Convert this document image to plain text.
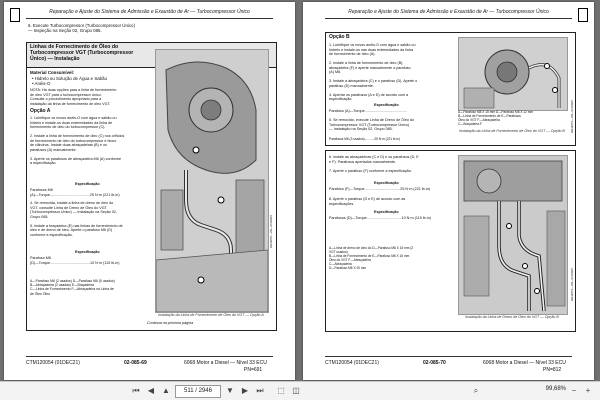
Reparação e Ajuste do Sistema de Admissão e Exaustão de Ar — Turbocompressor Único
6. Execute Turbocompressor (Turbocompressor Único)
— Inspeção na Seção 02, Grupo 085.
Linhas de Fornecimento de Óleo do
Turbocompressor VGT (Turbocompressor
Único) — Instalação
Material Consumível:
• Hidrelo ou Solução de Água e Sabão
• Anéis-O
NOTA: Há duas opções para a linha de fornecimento
de óleo VGT para o turbocompressor único.
Consulte o procedimento apropriado para a
instalação da linha de fornecimento de óleo VGT.
Opção A
1. Lubrifique os novos anéis-O com água e sabão ou
hidrelo e instale-os duas extremidades da linha de
fornecimento de óleo do turbocompressor (C).

2. Instale a linha de fornecimento de óleo (C) nos orifícios
de fornecimento de óleo do turbocompressor e bloco
de cilindros. Instale duas abraçadeiras (B) e os
parafusos (A) manualmente.

3. Aperte os parafusos de abraçadeira M6 (A) conforme
a especificação.
Especificação
Parafusos M6
(A)—Torque.......................................25 N·m (221 lb-in)
4. Se removida, instale a linha de dreno de óleo do
VGT, consulte Linha de Dreno de Óleo do VGT
(Turbocompressor Único) — Instalação na Seção 02,
Grupo 085.

5. Instale a braçadeira (E) nas linhas de fornecimento de
óleo e de dreno de óleo. Aperte o parafuso M6 (D)
conforme a especificação.
Especificação
Parafuso M6
(D)—Torque.......................................10 N·m (115 lb-in)
A—Parafuso M6 (2 usados) D—Parafuso M6 (5 usados)
B—Abraçadeira (2 usadas) E—Braçadeira
C—Linha de Fornecimento F—Abraçadeira na Linha de
de Óleo Óleo
Continua na próxima página
Instalação da Linha de Fornecimento de Óleo do VGT — Opção A
RG41870—UN—01JAN15
CTM120054 (01DEC21)	02-085-69	6068 Motor a Diesel — Nível 33 ECU
PN=691
Reparação e Ajuste do Sistema de Admissão e Exaustão de Ar — Turbocompressor Único
Opção B
1. Lubrifique os novos anéis-O com água e sabão ou
hidrelo e instale-os nas duas extremidades da linha
de fornecimento de óleo (A).

2. Instale a linha de fornecimento de óleo (B),
abraçadeira (F) e aperte manualmente o parafuso
(A) M8.

3. Instale a abraçadeira (C) e o parafuso (D). Aperte o
parafuso (D) manualmente.

4. Apertar os parafusos (A e D) de acordo com a
especificação.
Especificação
Parafuso (A)—Torque.........................................

5. Se removido, execute Linha de Dreno de Óleo do
Turbocompressor VGT (Turbocompressor Único)
— Instalação na Seção 02, Grupo 085.
Parafusos M6 (3 usados)...........25 N·m (221 lb-in)
A—Parafuso M8 X 15 mm D—Parafuso M8 X 12 mm
B—Linha de Fornecimento de E—Parafusos
Óleo do VGT F—Abraçadeira
C—Braçadeira-F
Instalação da Linha de Fornecimento de Óleo do VGT — Opção B	RG41873—UN—01JAN15
6. Instale as abraçadeiras (C e D) e os parafusos (D, E
e F). Parafusos apertados manualmente.

7. Aperte o parafuso (F) conforme a especificação.
Especificação
Parafuso (F)—Torque...................................25 N·m (221 lb-in)
8. Aperte o parafuso (D e E) de acordo com as
especificações.
Especificação
Parafusos (D)—Torque..................................10 N·m (115 lb-in)
A—Linha de dreno de óleo do D—Parafuso M8 X 16 mm (2
VGT usados)
B—Linha de Fornecimento de E—Parafuso M6 X 16 mm
Óleo do VGT F—Abraçadeira
C—Abraçadeira
D—Parafuso M6 X 20 mm
Instalação da Linha de Dreno de Óleo do VGT — Opção B
RG41874—UN—01JAN15
CTM120054 (01DEC21)	02-085-70	6068 Motor a Diesel — Nível 33 ECU
PN=812
⏮	◀ ▲	511 / 2946	▼ ▶	⏭	⬚ ◫	⌕	99,68% −	+
